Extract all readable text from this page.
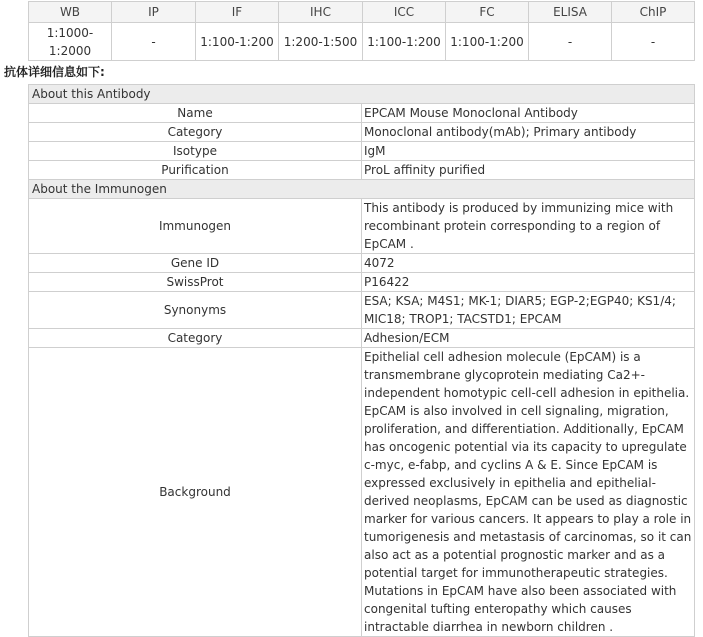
WB	IP	IF	IHC	ICC	FC	ELISA	ChIP
1:1000-
1:2000	-	1:100-1:200	1:200-1:500	1:100-1:200	1:100-1:200	-	-
抗体详细信息如下:
About this Antibody	
Name	EPCAM Mouse Monoclonal Antibody
Category	Monoclonal antibody(mAb); Primary antibody
Isotype	IgM
Purification	ProL affinity purified
About the Immunogen	
Immunogen	This antibody is produced by immunizing mice with recombinant protein corresponding to a region of EpCAM .
Gene ID	4072
SwissProt	P16422
Synonyms	ESA; KSA; M4S1; MK-1; DIAR5; EGP-2;EGP40; KS1/4; MIC18; TROP1; TACSTD1; EPCAM
Category	Adhesion/ECM
Background	Epithelial cell adhesion molecule (EpCAM) is a transmembrane glycoprotein mediating Ca2+-independent homotypic cell-cell adhesion in epithelia. EpCAM is also involved in cell signaling, migration, proliferation, and differentiation. Additionally, EpCAM has oncogenic potential via its capacity to upregulate c-myc, e-fabp, and cyclins A & E. Since EpCAM is expressed exclusively in epithelia and epithelial-derived neoplasms, EpCAM can be used as diagnostic marker for various cancers. It appears to play a role in tumorigenesis and metastasis of carcinomas, so it can also act as a potential prognostic marker and as a potential target for immunotherapeutic strategies. Mutations in EpCAM have also been associated with congenital tufting enteropathy which causes intractable diarrhea in newborn children .
